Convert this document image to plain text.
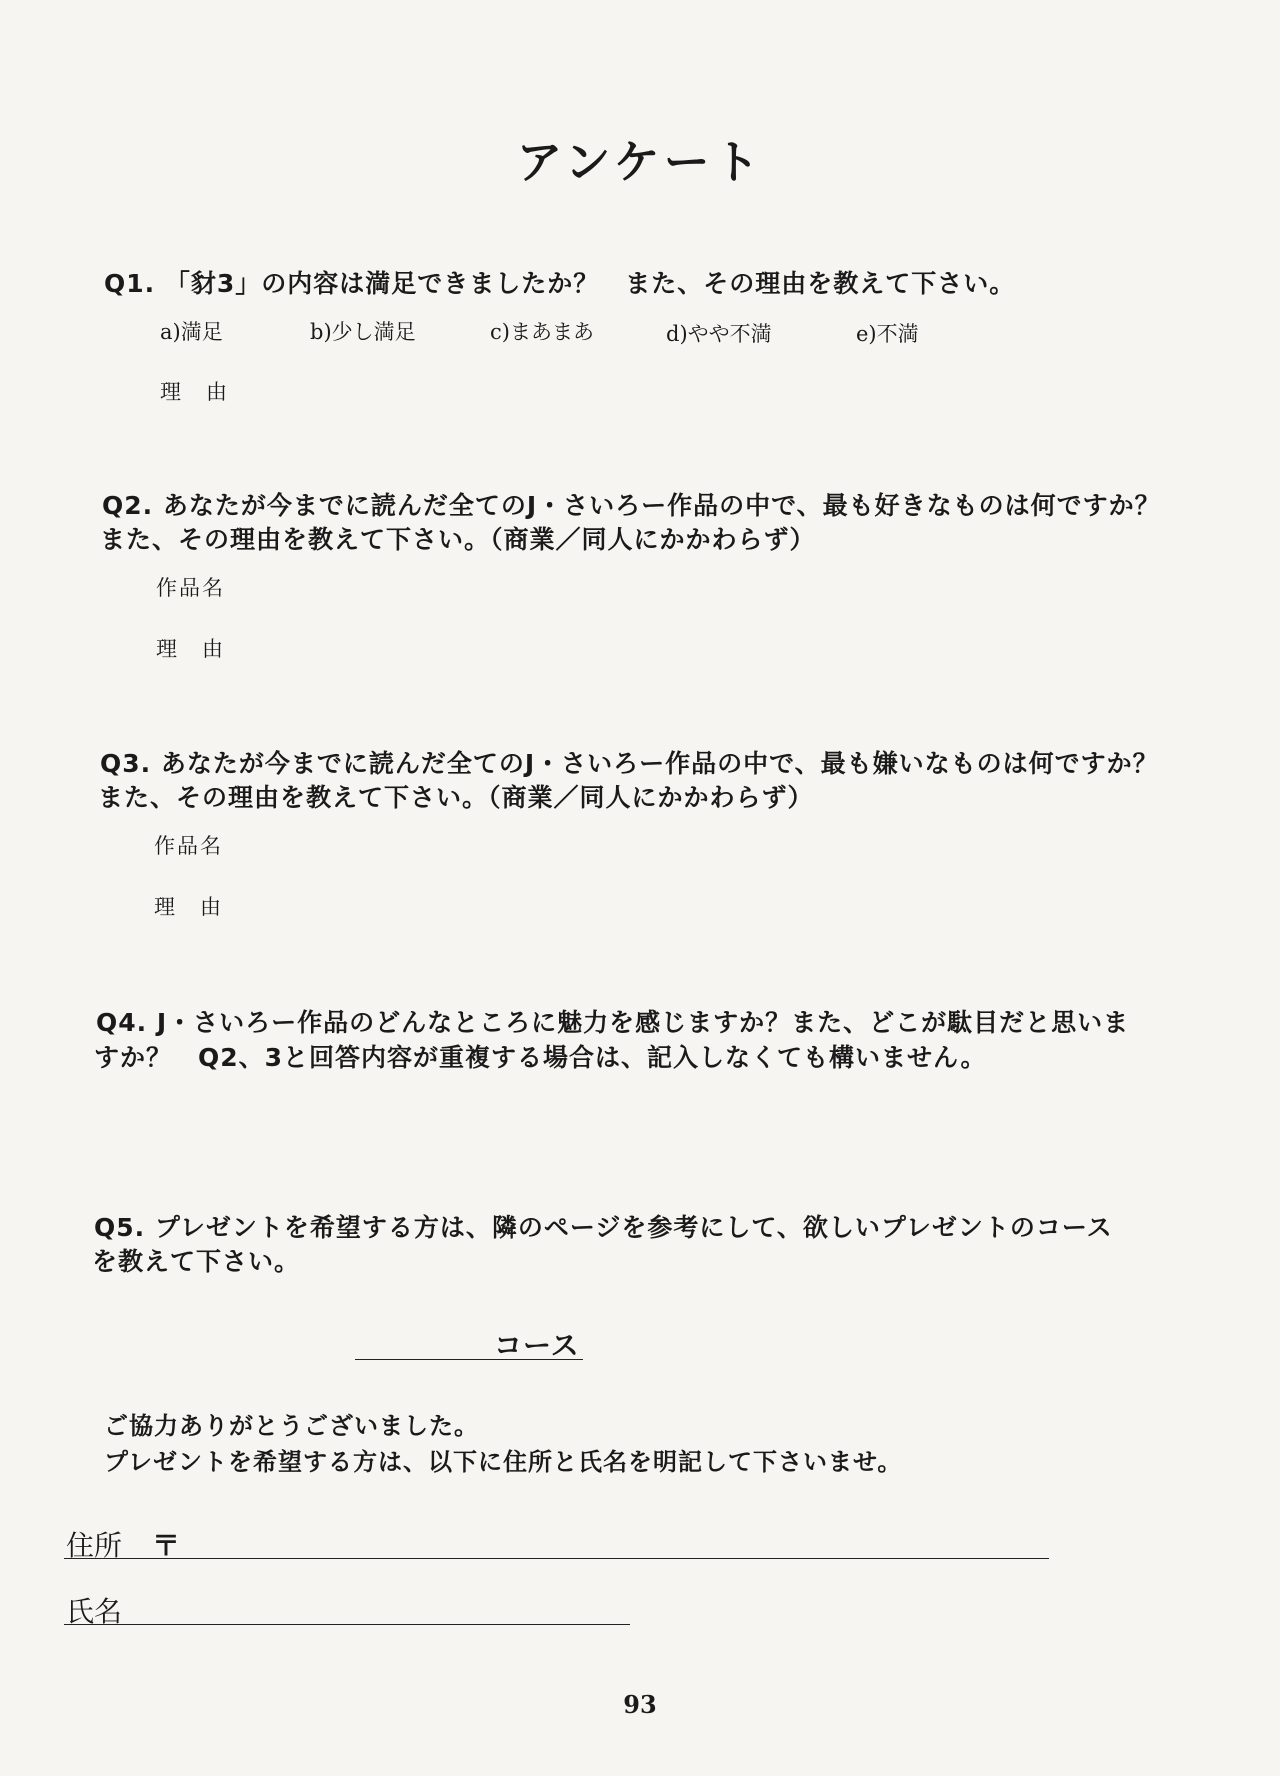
アンケート
Q1. 「豺3」の内容は満足できましたか？　また、その理由を教えて下さい。
a)満足	b)少し満足	c)まあまあ	d)やや不満	e)不満
理　由
Q2. あなたが今までに読んだ全てのJ・さいろー作品の中で、最も好きなものは何ですか？
また、その理由を教えて下さい。（商業／同人にかかわらず）
作品名
理　由
Q3. あなたが今までに読んだ全てのJ・さいろー作品の中で、最も嫌いなものは何ですか？
また、その理由を教えて下さい。（商業／同人にかかわらず）
作品名
理　由
Q4. J・さいろー作品のどんなところに魅力を感じますか？また、どこが駄目だと思いま
すか？　Q2、3と回答内容が重複する場合は、記入しなくても構いません。
Q5. プレゼントを希望する方は、隣のページを参考にして、欲しいプレゼントのコース
を教えて下さい。
コース
ご協力ありがとうございました。
プレゼントを希望する方は、以下に住所と氏名を明記して下さいませ。
住所 〒
氏名
93
